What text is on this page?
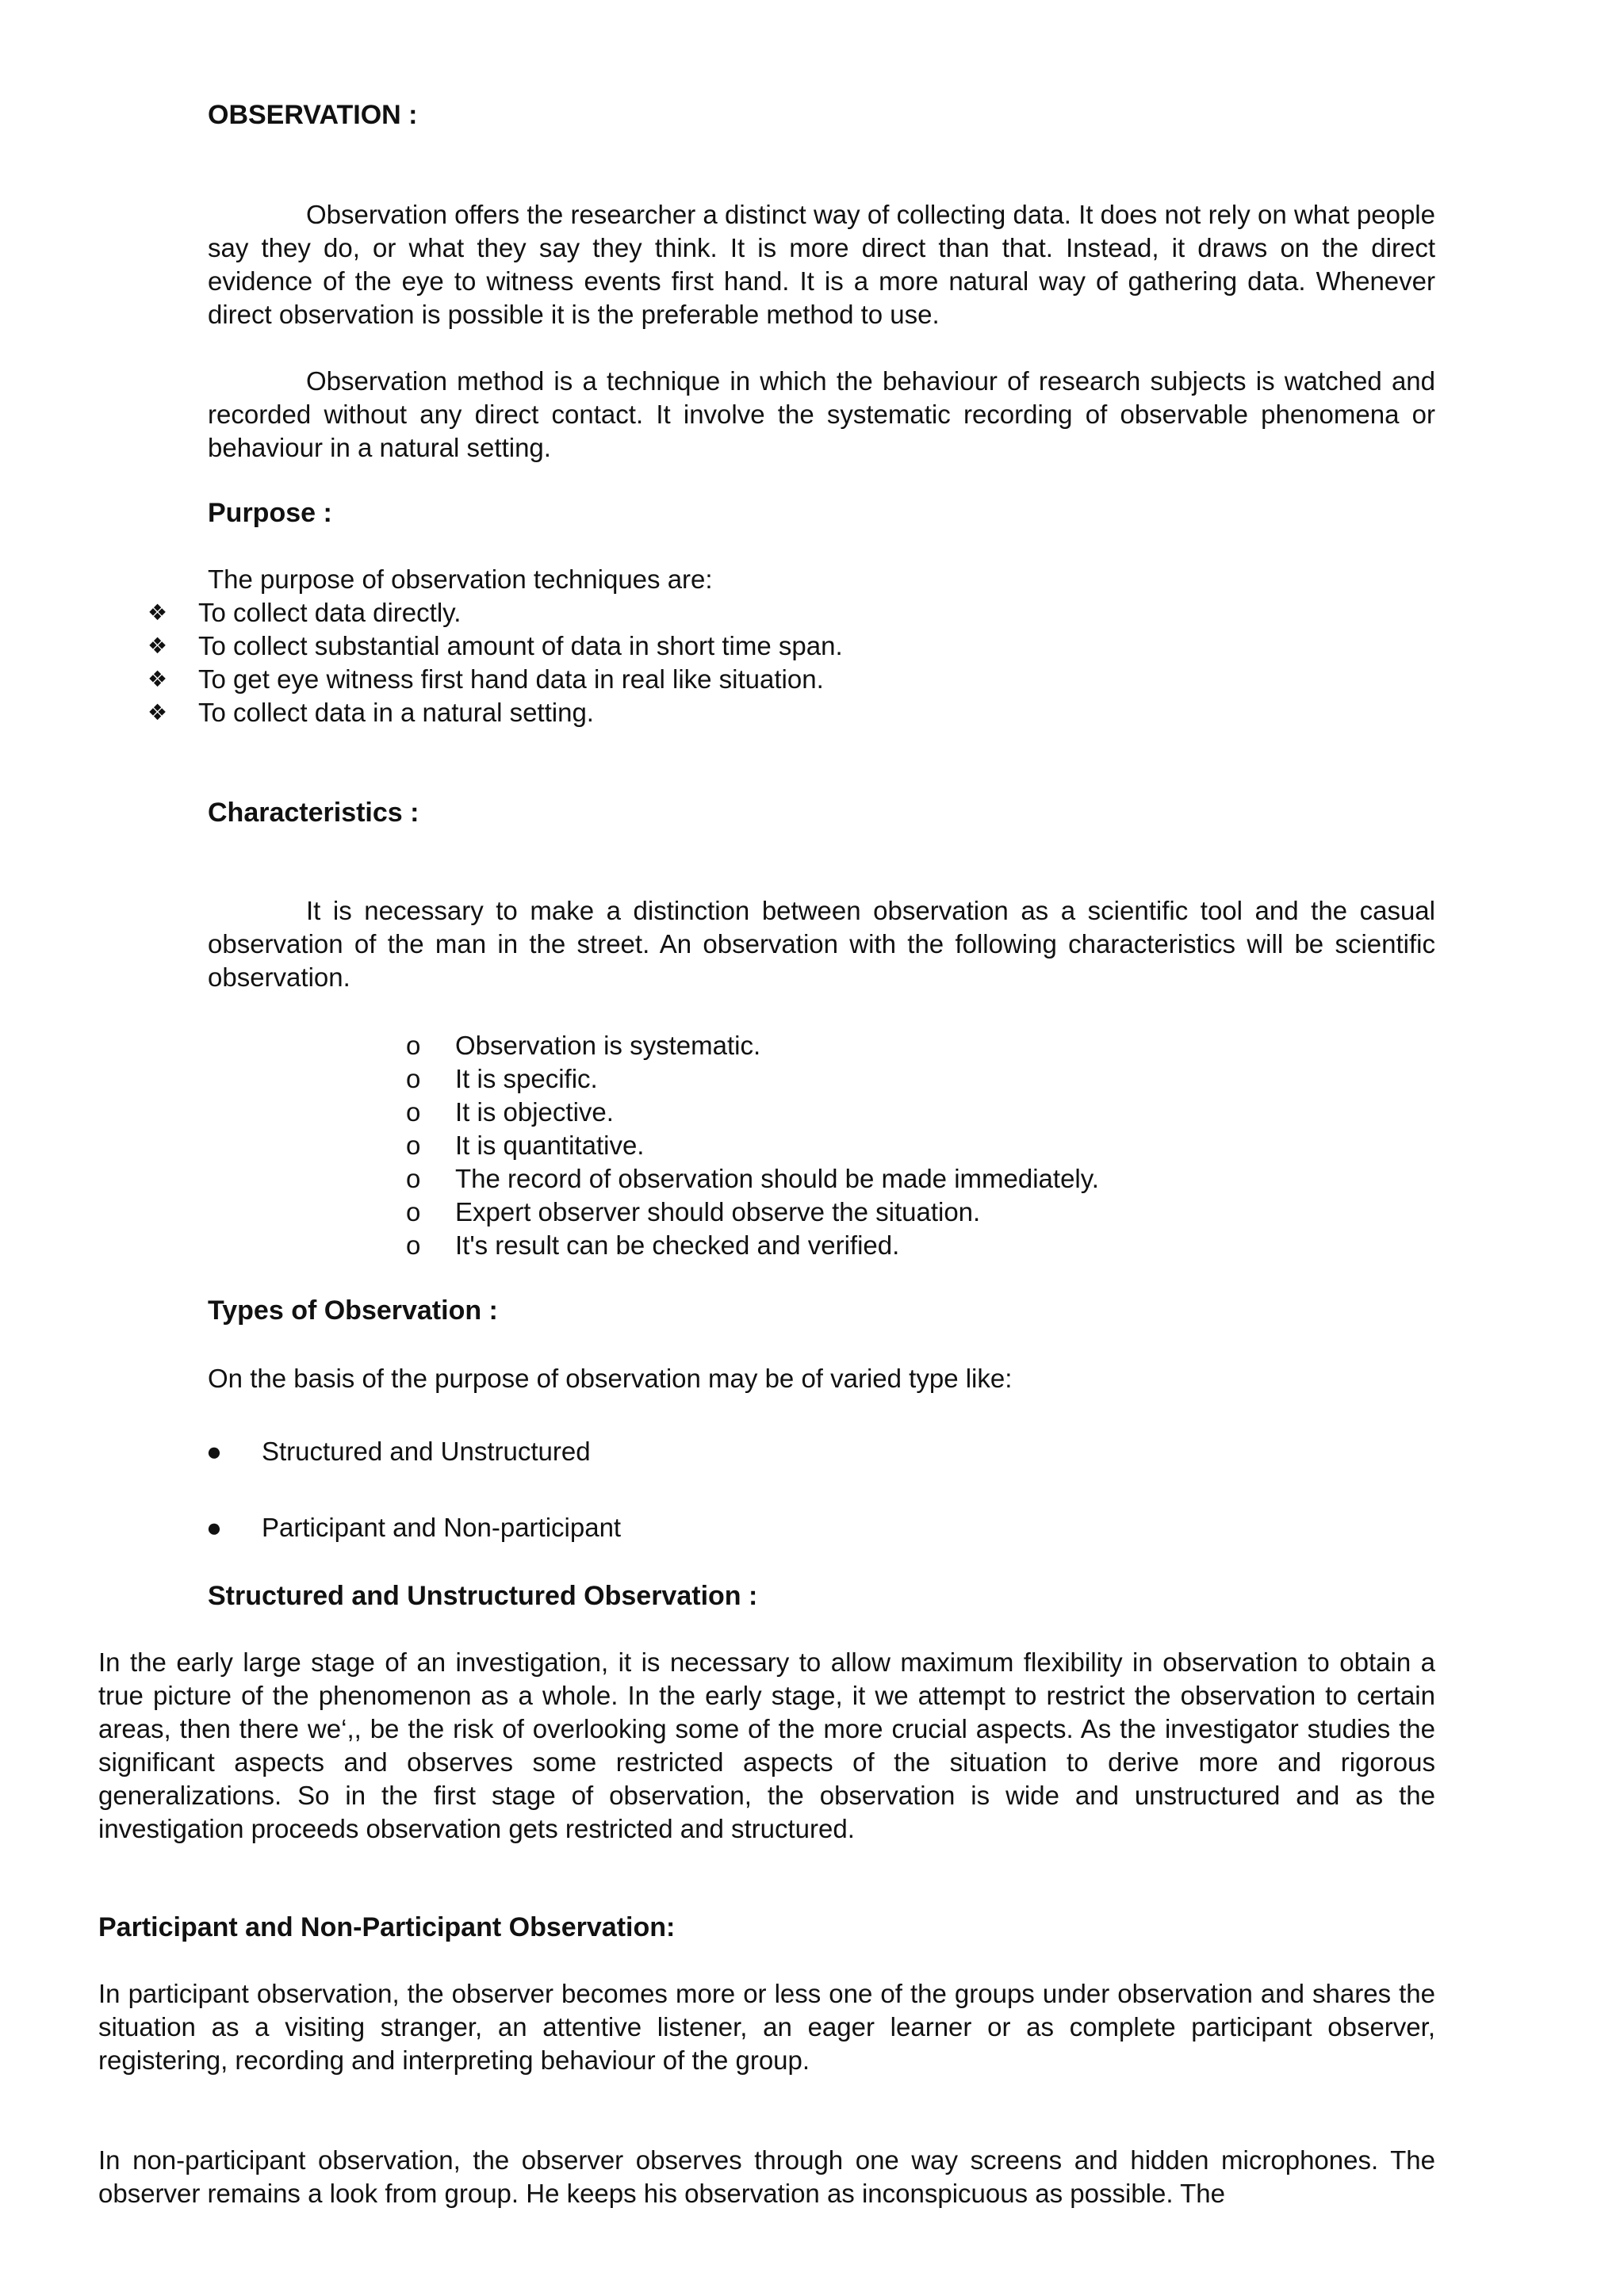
OBSERVATION :

Observation offers the researcher a distinct way of collecting data. It does not rely on what people say they do, or what they say they think. It is more direct than that. Instead, it draws on the direct evidence of the eye to witness events first hand. It is a more natural way of gathering data. Whenever direct observation is possible it is the preferable method to use.

Observation method is a technique in which the behaviour of research subjects is watched and recorded without any direct contact. It involve the systematic recording of observable phenomena or behaviour in a natural setting.

Purpose :

The purpose of observation techniques are:

❖ To collect data directly.
❖ To collect substantial amount of data in short time span.
❖ To get eye witness first hand data in real like situation.
❖ To collect data in a natural setting.
Characteristics :

It is necessary to make a distinction between observation as a scientific tool and the casual observation of the man in the street. An observation with the following characteristics will be scientific observation.

o Observation is systematic.
o It is specific.
o It is objective.
o It is quantitative.
o The record of observation should be made immediately.
o Expert observer should observe the situation.
o It's result can be checked and verified.
Types of Observation :

On the basis of the purpose of observation may be of varied type like:

● Structured and Unstructured
● Participant and Non-participant
Structured and Unstructured Observation :

In the early large stage of an investigation, it is necessary to allow maximum flexibility in observation to obtain a true picture of the phenomenon as a whole. In the early stage, it we attempt to restrict the observation to certain areas, then there we‘,, be the risk of overlooking some of the more crucial aspects. As the investigator studies the significant aspects and observes some restricted aspects of the situation to derive more and rigorous generalizations. So in the first stage of observation, the observation is wide and unstructured and as the investigation proceeds observation gets restricted and structured.

Participant and Non-Participant Observation:

In participant observation, the observer becomes more or less one of the groups under observation and shares the situation as a visiting stranger, an attentive listener, an eager learner or as complete participant observer, registering, recording and interpreting behaviour of the group.

In non-participant observation, the observer observes through one way screens and hidden microphones. The observer remains a look from group. He keeps his observation as inconspicuous as possible. The
